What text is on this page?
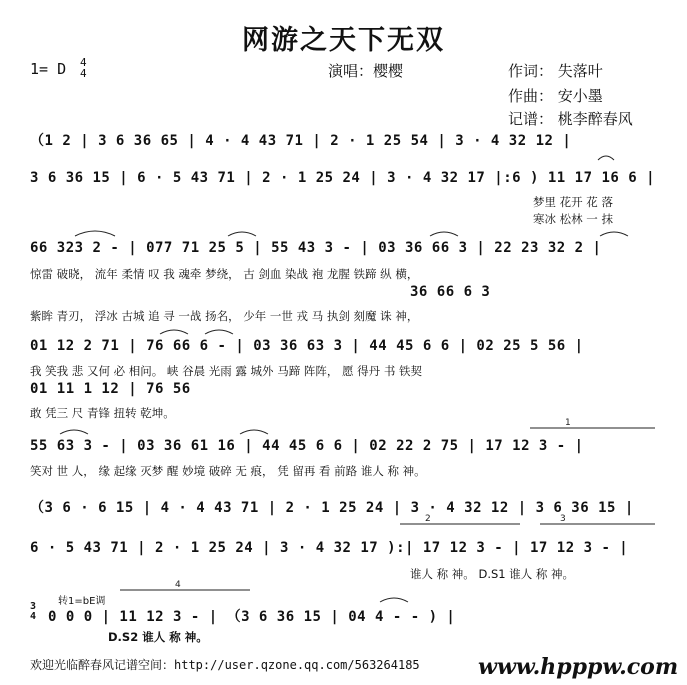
网游之天下无双
1= D 4
4	演唱：樱樱	作词： 失落叶
作曲： 安小墨
记谱： 桃李醉春风
（1 2 | 3 6 36 65 | 4 · 4 43 71 | 2 · 1 25 54 | 3 · 4 32 12 |
3 6 36 15 | 6 · 5 43 71 | 2 · 1 25 24 | 3 · 4 32 17 |:6 ) 11 17 16 6 |
梦里 花开 花 落
寒冰 松林 一 抹
66 323 2 - | 077 71 25 5 | 55 43 3 - | 03 36 66 3 | 22 23 32 2 |
惊雷 破晓， 流年 柔情 叹 我 魂牵 梦绕， 古 剑血 染战 袍 龙腥 铁蹄 纵 横，
36 66 6 3
紫眸 青刃， 浮冰 古城 追 寻 一战 扬名， 少年 一世 戎 马 执剑 刻魔 诛 神，
01 12 2 71 | 76 66 6 - | 03 36 63 3 | 44 45 6 6 | 02 25 5 56 |
我 笑我 悲 又何 必 相问。 峡 谷晨 光雨 露 城外 马蹄 阵阵， 愿 得丹 书 铁契
01 11 1 12 | 76 56
敢 凭三 尺 青锋 扭转 乾坤。
55 63 3 - | 03 36 61 16 | 44 45 6 6 | 02 22 2 75 | 17 12 3 - |
笑对 世 人， 缘 起缘 灭梦 醒 妙境 破碎 无 痕， 凭 留再 看 前路 谁人 称 神。
（3 6 · 6 15 | 4 · 4 43 71 | 2 · 1 25 24 | 3 · 4 32 12 | 3 6 36 15 |
6 · 5 43 71 | 2 · 1 25 24 | 3 · 4 32 17 ):| 17 12 3 - | 17 12 3 - |
谁人 称 神。 D.S1 谁人 称 神。
转1=bE调
0 0 0 | 11 12 3 - | （3 6 36 15 | 04 4 - - ) |
3
4
D.S2 谁人 称 神。
1
2	3
4
欢迎光临醉春风记谱空间：http://user.qzone.qq.com/563264185	www.hpppw.com
